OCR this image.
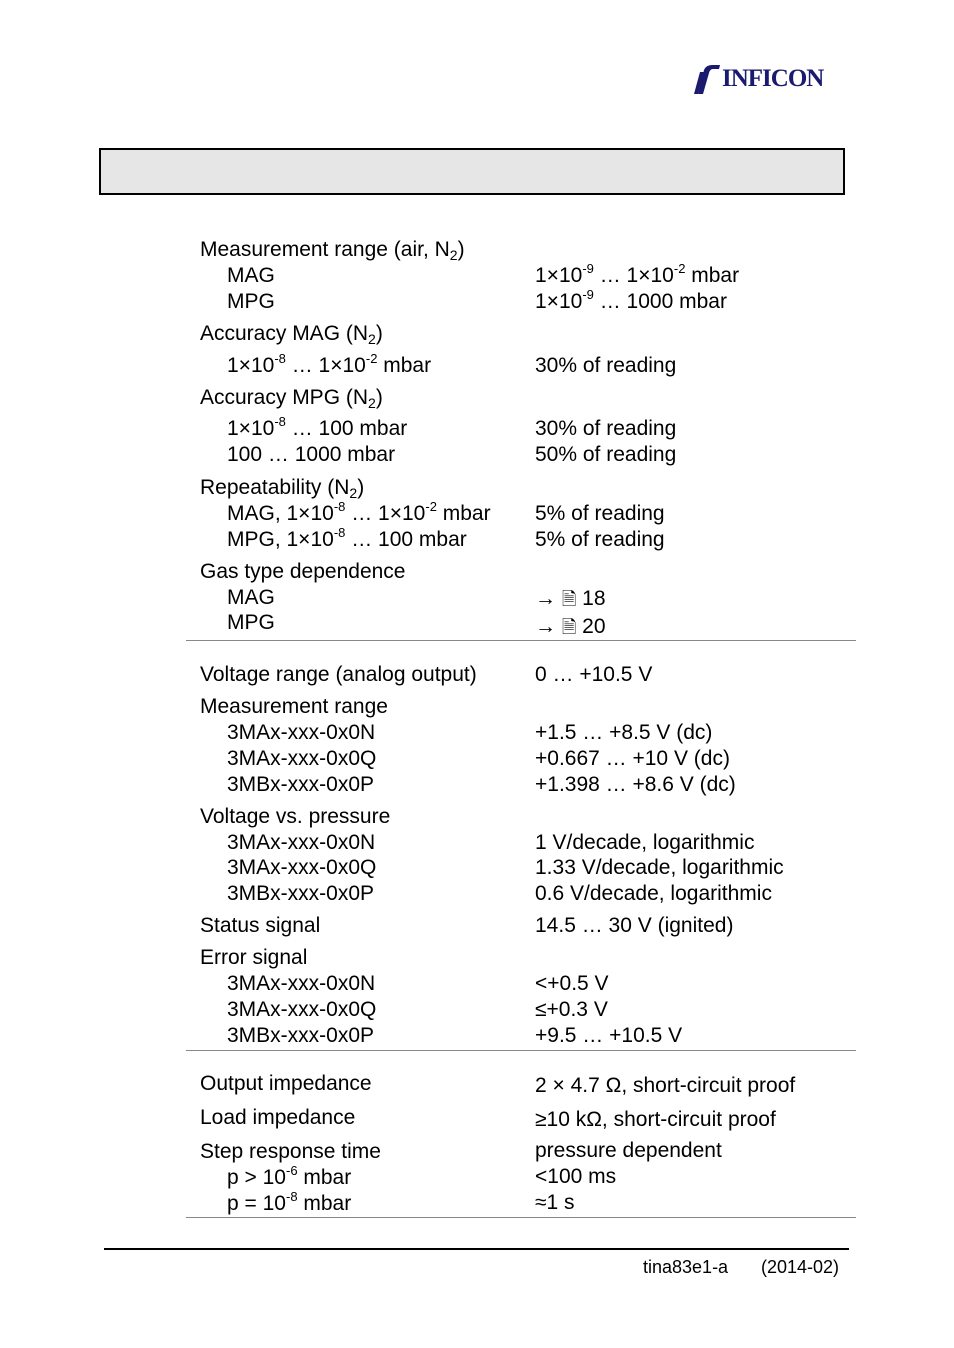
INFICON
Measurement range (air, $N_2$)
MAG	$1\times 10^{-9}$ … $1\times 10^{-2}$ mbar
MPG	$1\times 10^{-9}$ … 1000 mbar
Accuracy MAG $(N_2)$
$1\times 10^{-8}$ … $1\times 10^{-2}$ mbar	30% of reading
Accuracy MPG $(N_2)$
$1\times 10^{-8}$ … 100 mbar	30% of reading
100 … 1000 mbar	50% of reading
Repeatability $(N_2)$
MAG, $1\times 10^{-8}$ … $1\times 10^{-2}$ mbar 5% of reading
MPG, $1\times 10^{-8}$ … 100 mbar	5% of reading
Gas type dependence
MAG	→ 🗎 18
MPG	→ 🗎 20
Voltage range (analog output)	0 … +10.5 V
Measurement range
3MAx-xxx-0x0N	+1.5 … +8.5 V (dc)
3MAx-xxx-0x0Q	+0.667 … +10 V (dc)
3MBx-xxx-0x0P	+1.398 … +8.6 V (dc)
Voltage vs. pressure
3MAx-xxx-0x0N	1 V/decade, logarithmic
3MAx-xxx-0x0Q	1.33 V/decade, logarithmic
3MBx-xxx-0x0P	0.6 V/decade, logarithmic
Status signal	14.5 … 30 V (ignited)
Error signal
3MAx-xxx-0x0N	<+0.5 V
3MAx-xxx-0x0Q	≤+0.3 V
3MBx-xxx-0x0P	+9.5 … +10.5 V
Output impedance	2 × 4.7 Ω, short-circuit proof
Load impedance	≥10 kΩ, short-circuit proof
Step response time	pressure dependent
$p > 10^{-6}$ mbar	<100 ms
$p = 10^{-8}$ mbar	≈1 s
tina83e1-a (2014-02)
